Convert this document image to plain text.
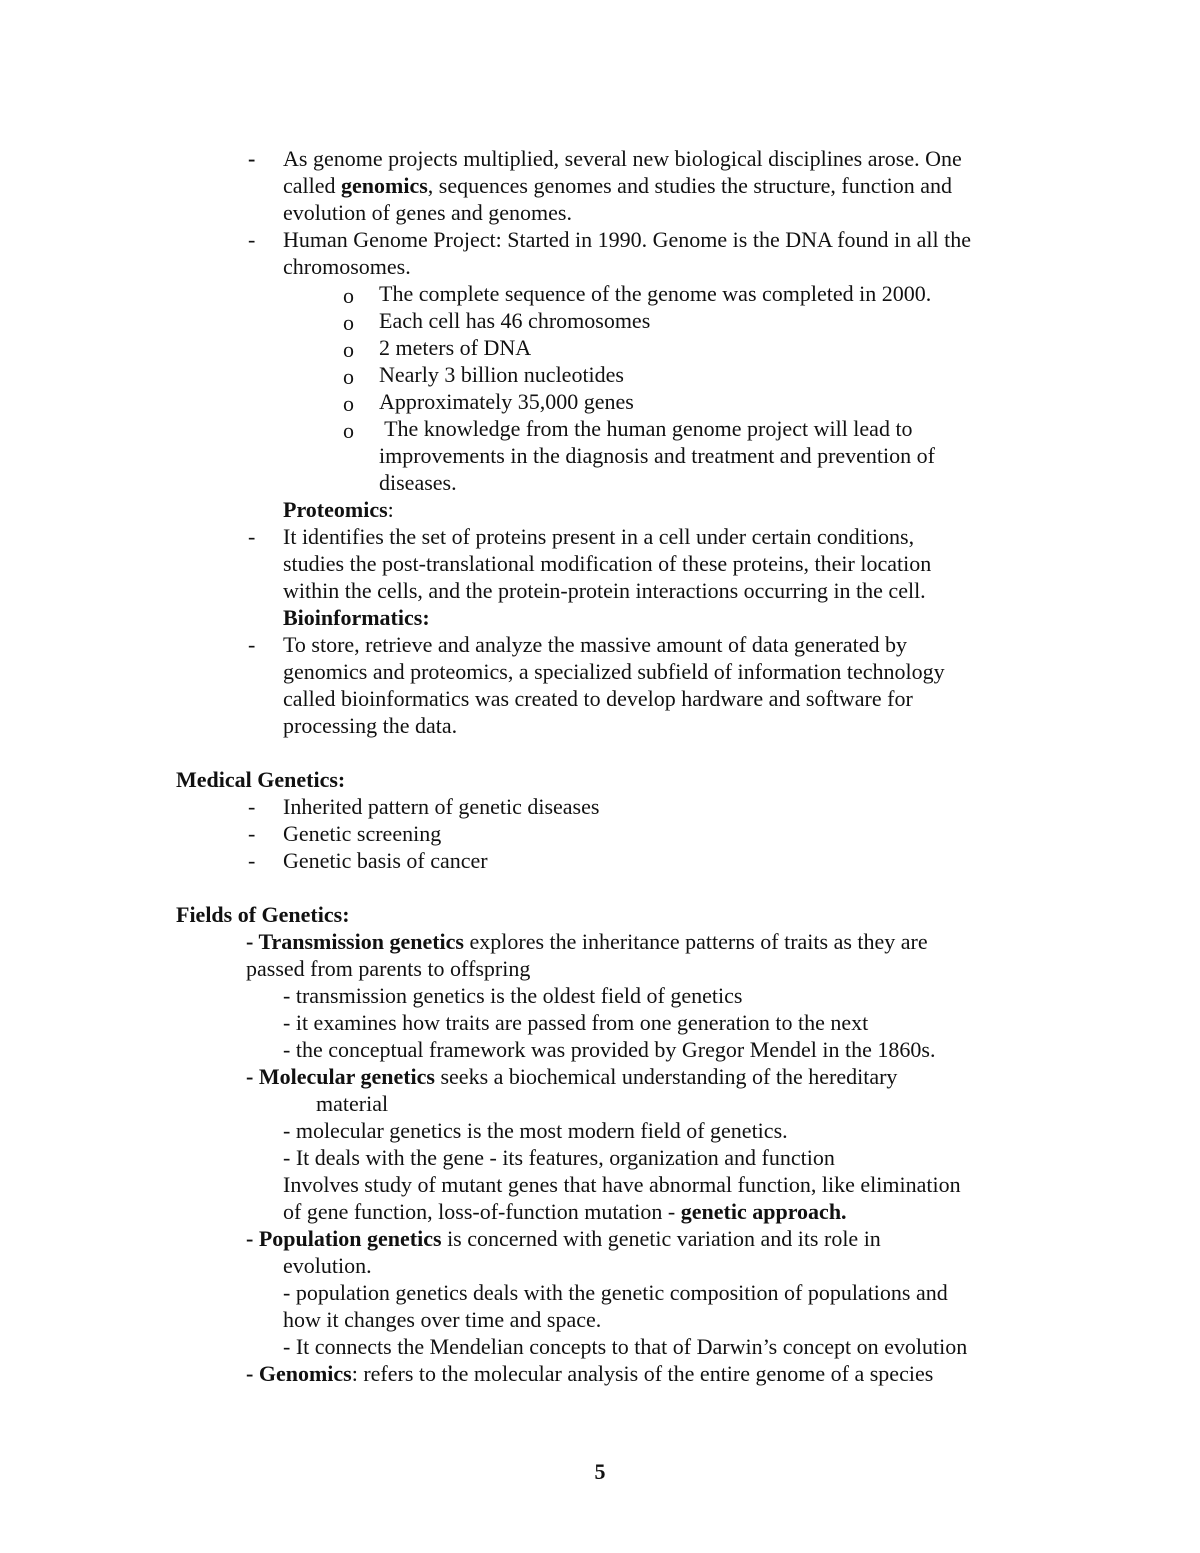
- As genome projects multiplied, several new biological disciplines arose. One
called genomics, sequences genomes and studies the structure, function and
evolution of genes and genomes.
- Human Genome Project: Started in 1990. Genome is the DNA found in all the
chromosomes.
o The complete sequence of the genome was completed in 2000.
o Each cell has 46 chromosomes
o 2 meters of DNA
o Nearly 3 billion nucleotides
o Approximately 35,000 genes
o The knowledge from the human genome project will lead to
improvements in the diagnosis and treatment and prevention of
diseases.
Proteomics:
- It identifies the set of proteins present in a cell under certain conditions,
studies the post-translational modification of these proteins, their location
within the cells, and the protein-protein interactions occurring in the cell.
Bioinformatics:
- To store, retrieve and analyze the massive amount of data generated by
genomics and proteomics, a specialized subfield of information technology
called bioinformatics was created to develop hardware and software for
processing the data.
Medical Genetics:
- Inherited pattern of genetic diseases
- Genetic screening
- Genetic basis of cancer
Fields of Genetics:
- Transmission genetics explores the inheritance patterns of traits as they are
passed from parents to offspring
- transmission genetics is the oldest field of genetics
- it examines how traits are passed from one generation to the next
- the conceptual framework was provided by Gregor Mendel in the 1860s.
- Molecular genetics seeks a biochemical understanding of the hereditary
material
- molecular genetics is the most modern field of genetics.
- It deals with the gene - its features, organization and function
Involves study of mutant genes that have abnormal function, like elimination
of gene function, loss-of-function mutation - genetic approach.
- Population genetics is concerned with genetic variation and its role in
evolution.
- population genetics deals with the genetic composition of populations and
how it changes over time and space.
- It connects the Mendelian concepts to that of Darwin’s concept on evolution
- Genomics: refers to the molecular analysis of the entire genome of a species
5
